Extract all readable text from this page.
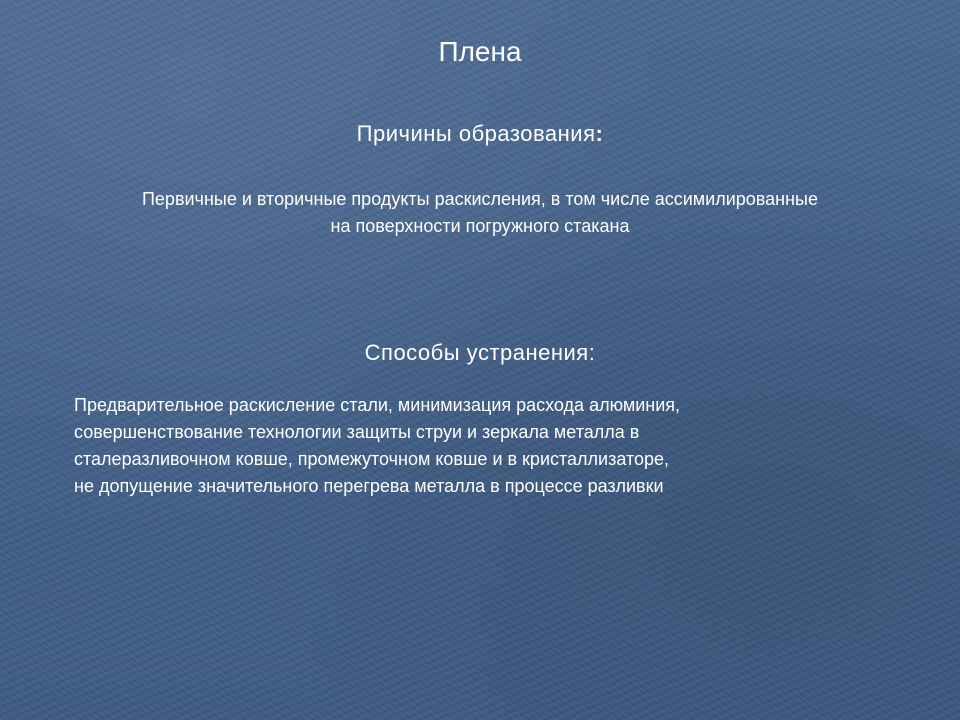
Плена
Причины образования:
Первичные и вторичные продукты раскисления, в том числе ассимилированные
на поверхности погружного стакана
Способы устранения:
Предварительное раскисление стали, минимизация расхода алюминия,
совершенствование технологии защиты струи и зеркала металла в
сталеразливочном ковше, промежуточном ковше и в кристаллизаторе,
не допущение значительного перегрева металла в процессе разливки
